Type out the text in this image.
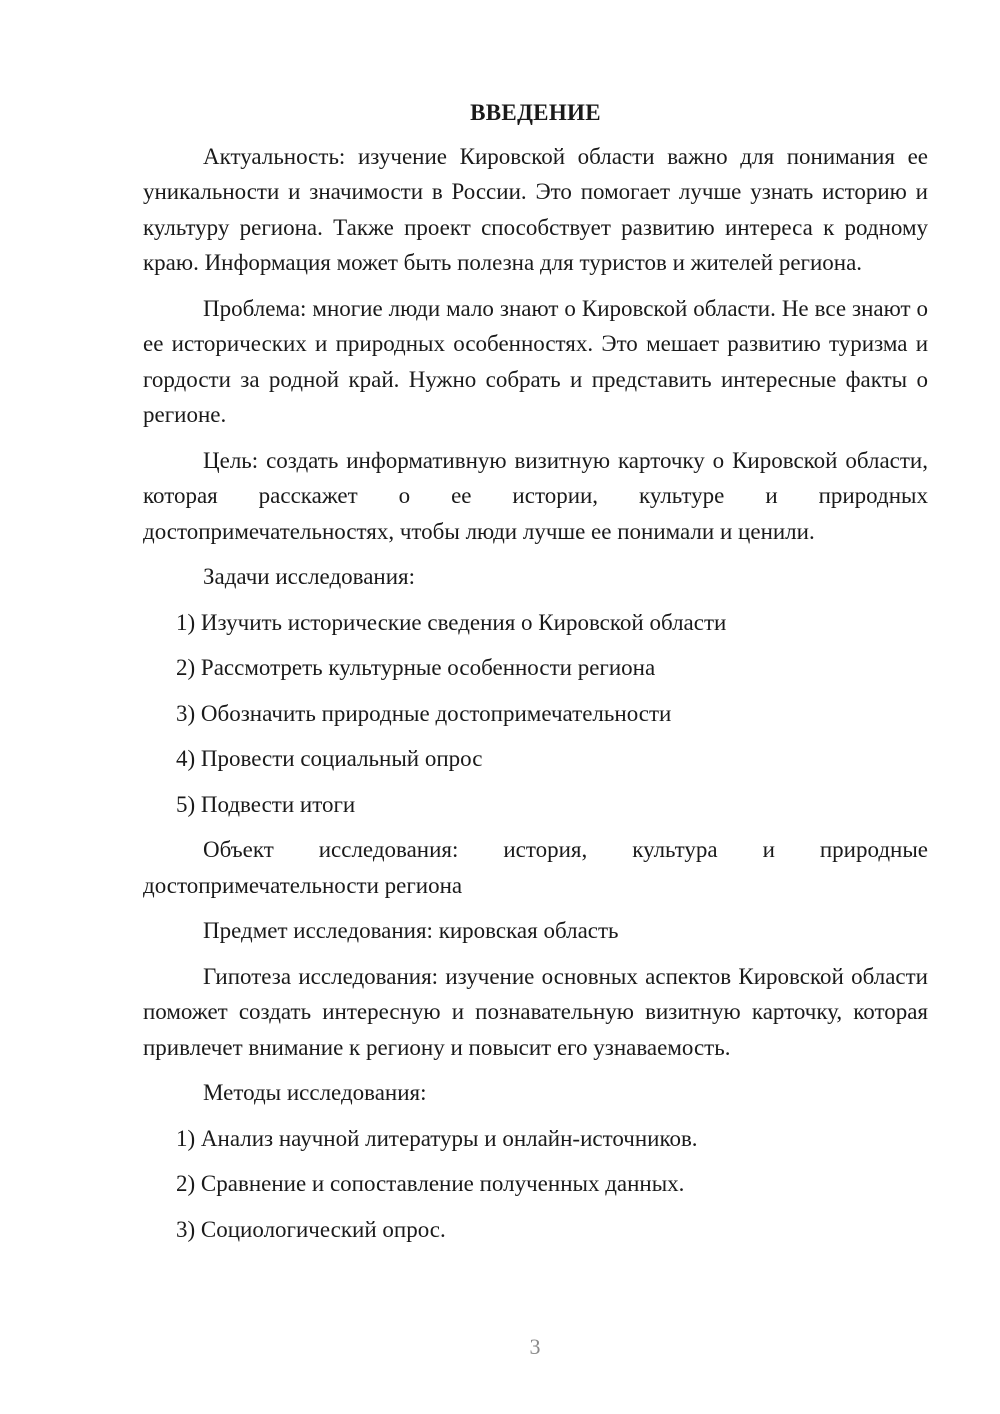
ВВЕДЕНИЕ

Актуальность: изучение Кировской области важно для понимания ее уникальности и значимости в России. Это помогает лучше узнать историю и культуру региона. Также проект способствует развитию интереса к родному краю. Информация может быть полезна для туристов и жителей региона.

Проблема: многие люди мало знают о Кировской области. Не все знают о ее исторических и природных особенностях. Это мешает развитию туризма и гордости за родной край. Нужно собрать и представить интересные факты о регионе.

Цель: создать информативную визитную карточку о Кировской области, которая расскажет о ее истории, культуре и природных достопримечательностях, чтобы люди лучше ее понимали и ценили.

Задачи исследования:

1) Изучить исторические сведения о Кировской области
2) Рассмотреть культурные особенности региона
3) Обозначить природные достопримечательности
4) Провести социальный опрос
5) Подвести итоги

Объект исследования: история, культура и природные достопримечательности региона

Предмет исследования: кировская область

Гипотеза исследования: изучение основных аспектов Кировской области поможет создать интересную и познавательную визитную карточку, которая привлечет внимание к региону и повысит его узнаваемость.

Методы исследования:

1) Анализ научной литературы и онлайн-источников.
2) Сравнение и сопоставление полученных данных.
3) Социологический опрос.
3
